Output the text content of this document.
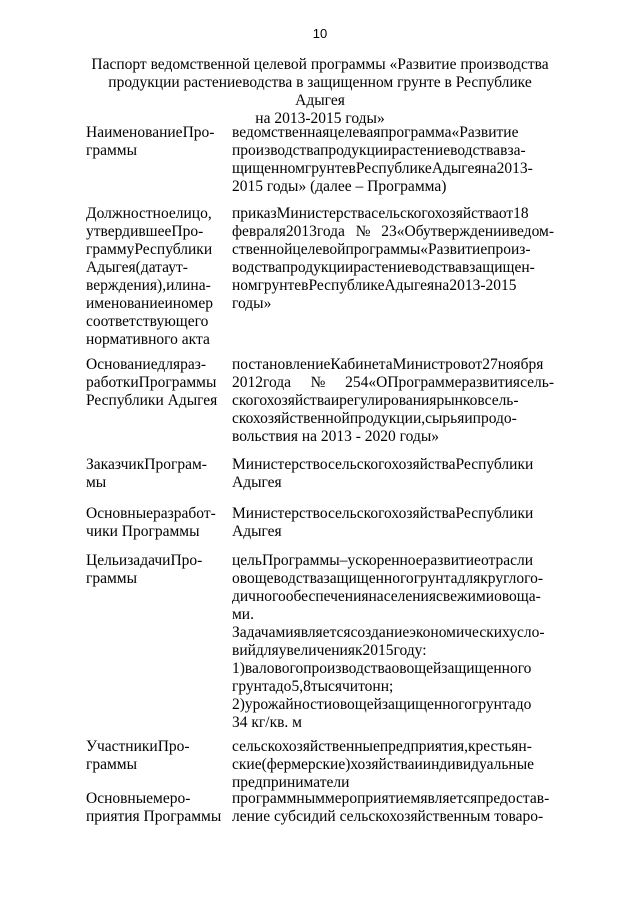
10
Паспорт ведомственной целевой программы «Развитие производства
продукции растениеводства в защищенном грунте в Республике Адыгея
на 2013-2015 годы»
НаименованиеПро-
граммы
ведомственнаяцелеваяпрограмма«Развитие
производствапродукциирастениеводствавза-
щищенномгрунтевРеспубликеАдыгеяна2013-
2015 годы» (далее – Программа)
Должностноелицо,
утвердившееПро-
граммуРеспублики
Адыгея(датаут-
верждения),илина-
именованиеиномер
соответствующего
нормативного акта
приказМинистерствасельскогохозяйстваот18
февраля2013года№23«Обутвержденииведом-
ственнойцелевойпрограммы«Развитиепроиз-
водствапродукциирастениеводствавзащищен-
номгрунтевРеспубликеАдыгеяна2013-2015
годы»
Основаниедляраз-
работкиПрограммы
Республики Адыгея
постановлениеКабинетаМинистровот27ноября
2012года№254«ОПрограммеразвитиясель-
скогохозяйстваирегулированиярынковсель-
скохозяйственнойпродукции,сырьяипродо-
вольствия на 2013 - 2020 годы»
ЗаказчикПрограм-
мы
МинистерствосельскогохозяйстваРеспублики
Адыгея
Основныеразработ-
чики Программы
МинистерствосельскогохозяйстваРеспублики
Адыгея
ЦельизадачиПро-
граммы
цельПрограммы–ускоренноеразвитиеотрасли
овощеводствазащищенногогрунтадлякруглого-
дичногообеспечениянаселениясвежимиовоща-
ми.
Задачамиявляетсясозданиеэкономическихусло-
вийдляувеличенияк2015году:
1)валовогопроизводстваовощейзащищенного
грунтадо5,8тысячитонн;
2)урожайностиовощейзащищенногогрунтадо
34 кг/кв. м
УчастникиПро-
граммы
сельскохозяйственныепредприятия,крестьян-
ские(фермерские)хозяйстваииндивидуальные
предприниматели
Основныемеро-
приятия Программы
программныммероприятиемявляетсяпредостав-
ление субсидий сельскохозяйственным товаро-
